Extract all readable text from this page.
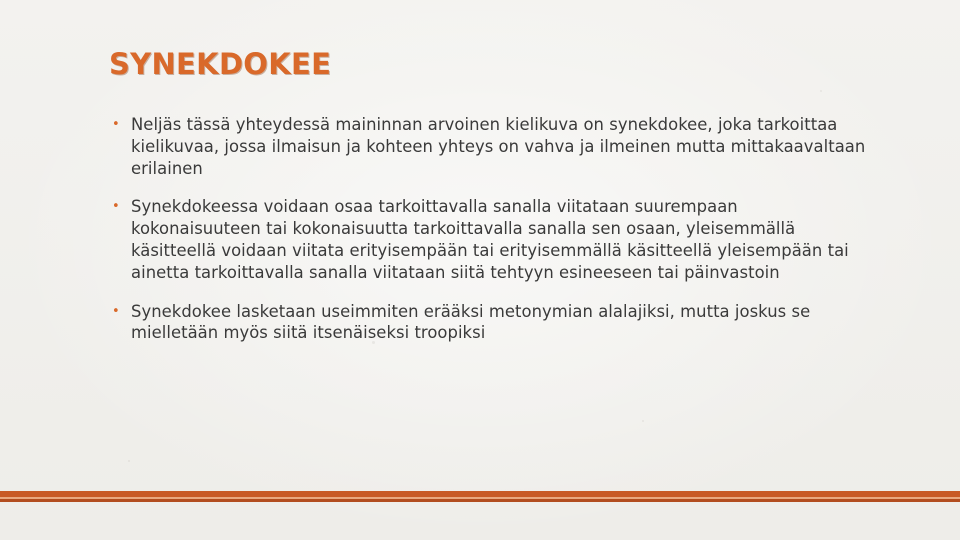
SYNEKDOKEE
• Neljäs tässä yhteydessä maininnan arvoinen kielikuva on synekdokee, joka tarkoittaa kielikuvaa, jossa ilmaisun ja kohteen yhteys on vahva ja ilmeinen mutta mittakaavaltaan erilainen
• Synekdokeessa voidaan osaa tarkoittavalla sanalla viitataan suurempaan kokonaisuuteen tai kokonaisuutta tarkoittavalla sanalla sen osaan, yleisemmällä käsitteellä voidaan viitata erityisempään tai erityisemmällä käsitteellä yleisempään tai ainetta tarkoittavalla sanalla viitataan siitä tehtyyn esineeseen tai päinvastoin
• Synekdokee lasketaan useimmiten erääksi metonymian alalajiksi, mutta joskus se mielletään myös siitä itsenäiseksi troopiksi
